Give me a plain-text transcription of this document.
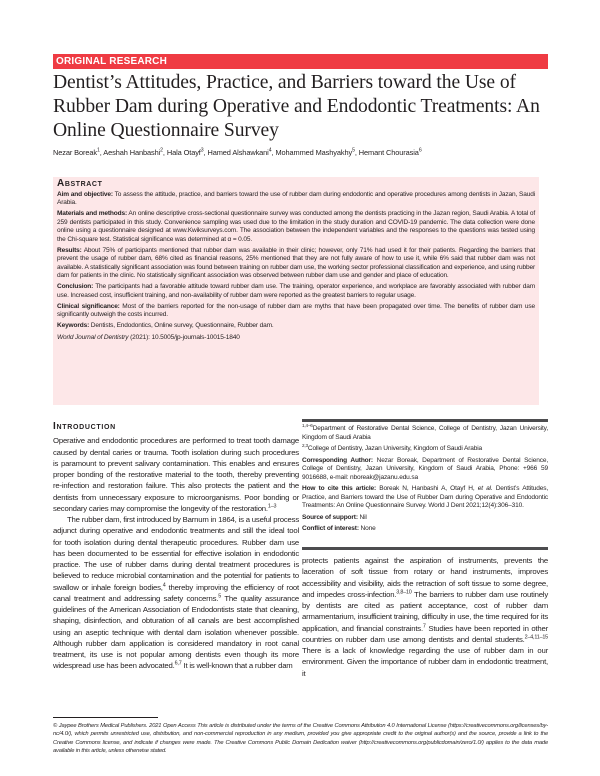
ORIGINAL RESEARCH
Dentist’s Attitudes, Practice, and Barriers toward the Use of Rubber Dam during Operative and Endodontic Treatments: An Online Questionnaire Survey
Nezar Boreak$^1$, Aeshah Hanbashi$^2$, Hala Otayf$^3$, Hamed Alshawkani$^4$, Mohammed Mashyakhy$^5$, Hemant Chourasia$^6$
Abstract

Aim and objective: To assess the attitude, practice, and barriers toward the use of rubber dam during endodontic and operative procedures among dentists in Jazan, Saudi Arabia.

Materials and methods: An online descriptive cross-sectional questionnaire survey was conducted among the dentists practicing in the Jazan region, Saudi Arabia. A total of 259 dentists participated in this study. Convenience sampling was used due to the limitation in the study duration and COVID-19 pandemic. The data collection were done online using a questionnaire designed at www.Kwiksurveys.com. The association between the independent variables and the responses to the questions was tested using the Chi-square test. Statistical significance was determined at α = 0.05.

Results: About 75% of participants mentioned that rubber dam was available in their clinic; however, only 71% had used it for their patients. Regarding the barriers that prevent the usage of rubber dam, 68% cited as financial reasons, 25% mentioned that they are not fully aware of how to use it, while 6% said that rubber dam was not available. A statistically significant association was found between training on rubber dam use, the working sector professional classification and experience, and using rubber dam for patients in the clinic. No statistically significant association was observed between rubber dam use and gender and place of education.

Conclusion: The participants had a favorable attitude toward rubber dam use. The training, operator experience, and workplace are favorably associated with rubber dam use. Increased cost, insufficient training, and non-availability of rubber dam were reported as the greatest barriers to regular usage.

Clinical significance: Most of the barriers reported for the non-usage of rubber dam are myths that have been propagated over time. The benefits of rubber dam use significantly outweigh the costs incurred.

Keywords: Dentists, Endodontics, Online survey, Questionnaire, Rubber dam.

World Journal of Dentistry (2021): 10.5005/jp-journals-10015-1840

Introduction

Operative and endodontic procedures are performed to treat tooth damage caused by dental caries or trauma. Tooth isolation during such procedures is paramount to prevent salivary contamination. This enables and ensures proper bonding of the restorative material to the tooth, thereby preventing re-infection and restoration failure. This also protects the patient and the dentists from unnecessary exposure to microorganisms. Poor bonding or secondary caries may compromise the longevity of the restoration.$^{1-3}$

The rubber dam, first introduced by Barnum in 1864, is a useful process adjunct during operative and endodontic treatments and still the ideal tool for tooth isolation during dental therapeutic procedures. Rubber dam use has been documented to be essential for effective isolation in endodontic practice. The use of rubber dams during dental treatment procedures is believed to reduce microbial contamination and the potential for patients to swallow or inhale foreign bodies,$^4$ thereby improving the efficiency of root canal treatment and addressing safety concerns.$^5$ The quality assurance guidelines of the American Association of Endodontists state that cleaning, shaping, disinfection, and obturation of all canals are best accomplished using an aseptic technique with dental dam isolation whenever possible. Although rubber dam application is considered mandatory in root canal treatment, its use is not popular among dentists even though its more widespread use has been advocated.$^{6,7}$ It is well-known that a rubber dam

$^{1,4-6}$Department of Restorative Dental Science, College of Dentistry, Jazan University, Kingdom of Saudi Arabia

$^{2,3}$College of Dentistry, Jazan University, Kingdom of Saudi Arabia

Corresponding Author: Nezar Boreak, Department of Restorative Dental Science, College of Dentistry, Jazan University, Kingdom of Saudi Arabia, Phone: +966 59 9016688, e-mail: nboreak@jazanu.edu.sa

How to cite this article: Boreak N, Hanbashi A, Otayf H, et al. Dentist’s Attitudes, Practice, and Barriers toward the Use of Rubber Dam during Operative and Endodontic Treatments: An Online Questionnaire Survey. World J Dent 2021;12(4):306–310.

Source of support: Nil

Conflict of interest: None

protects patients against the aspiration of instruments, prevents the laceration of soft tissue from rotary or hand instruments, improves accessibility and visibility, aids the retraction of soft tissue to some degree, and impedes cross-infection.$^{3,8-10}$ The barriers to rubber dam use routinely by dentists are cited as patient acceptance, cost of rubber dam armamentarium, insufficient training, difficulty in use, the time required for its application, and financial constraints.$^7$ Studies have been reported in other countries on rubber dam use among dentists and dental students.$^{2-4,11-15}$ There is a lack of knowledge regarding the use of rubber dam in our environment. Given the importance of rubber dam in endodontic treatment, it

© Jaypee Brothers Medical Publishers. 2021 Open Access This article is distributed under the terms of the Creative Commons Attribution 4.0 International License (https://creativecommons.org/licenses/by-nc/4.0/), which permits unrestricted use, distribution, and non-commercial reproduction in any medium, provided you give appropriate credit to the original author(s) and the source, provide a link to the Creative Commons license, and indicate if changes were made. The Creative Commons Public Domain Dedication waiver (http://creativecommons.org/publicdomain/zero/1.0/) applies to the data made available in this article, unless otherwise stated.
